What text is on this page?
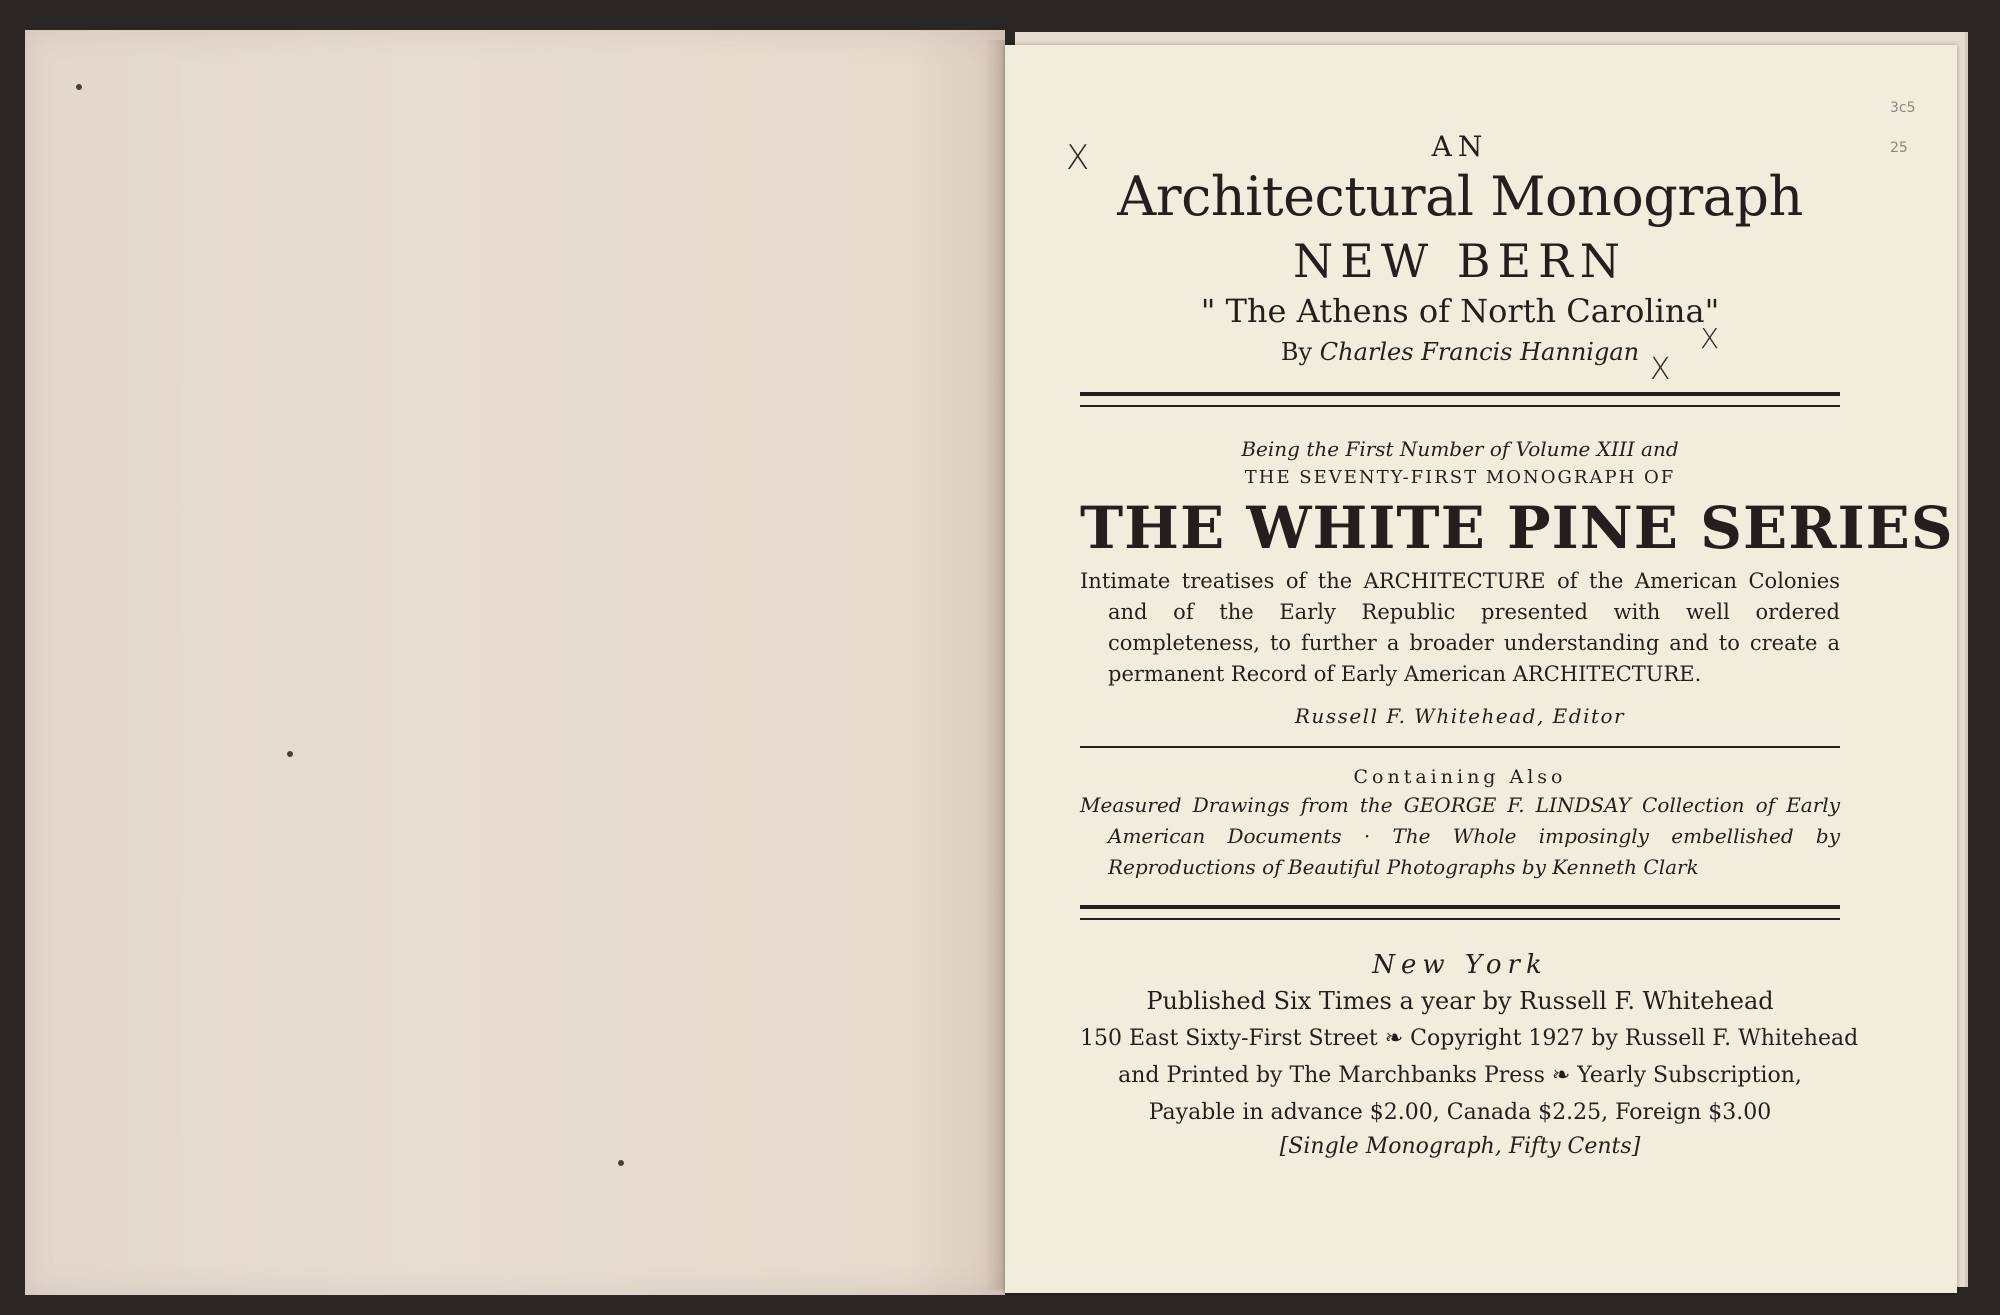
3c5
25
X
X
X
AN
Architectural Monograph
NEW BERN
" The Athens of North Carolina"
By Charles Francis Hannigan
Being the First Number of Volume XIII and
THE SEVENTY-FIRST MONOGRAPH OF
THE WHITE PINE SERIES
Intimate treatises of the ARCHITECTURE of the American Colonies and of the Early Republic presented with well ordered completeness, to further a broader understanding and to create a permanent Record of Early American ARCHITECTURE.
Russell F. Whitehead, Editor
Containing Also
Measured Drawings from the GEORGE F. LINDSAY Collection of Early American Documents · The Whole imposingly embellished by Reproductions of Beautiful Photographs by Kenneth Clark
New York
Published Six Times a year by Russell F. Whitehead
150 East Sixty-First Street ❧ Copyright 1927 by Russell F. Whitehead
and Printed by The Marchbanks Press ❧ Yearly Subscription,
Payable in advance $2.00, Canada $2.25, Foreign $3.00
[Single Monograph, Fifty Cents]
